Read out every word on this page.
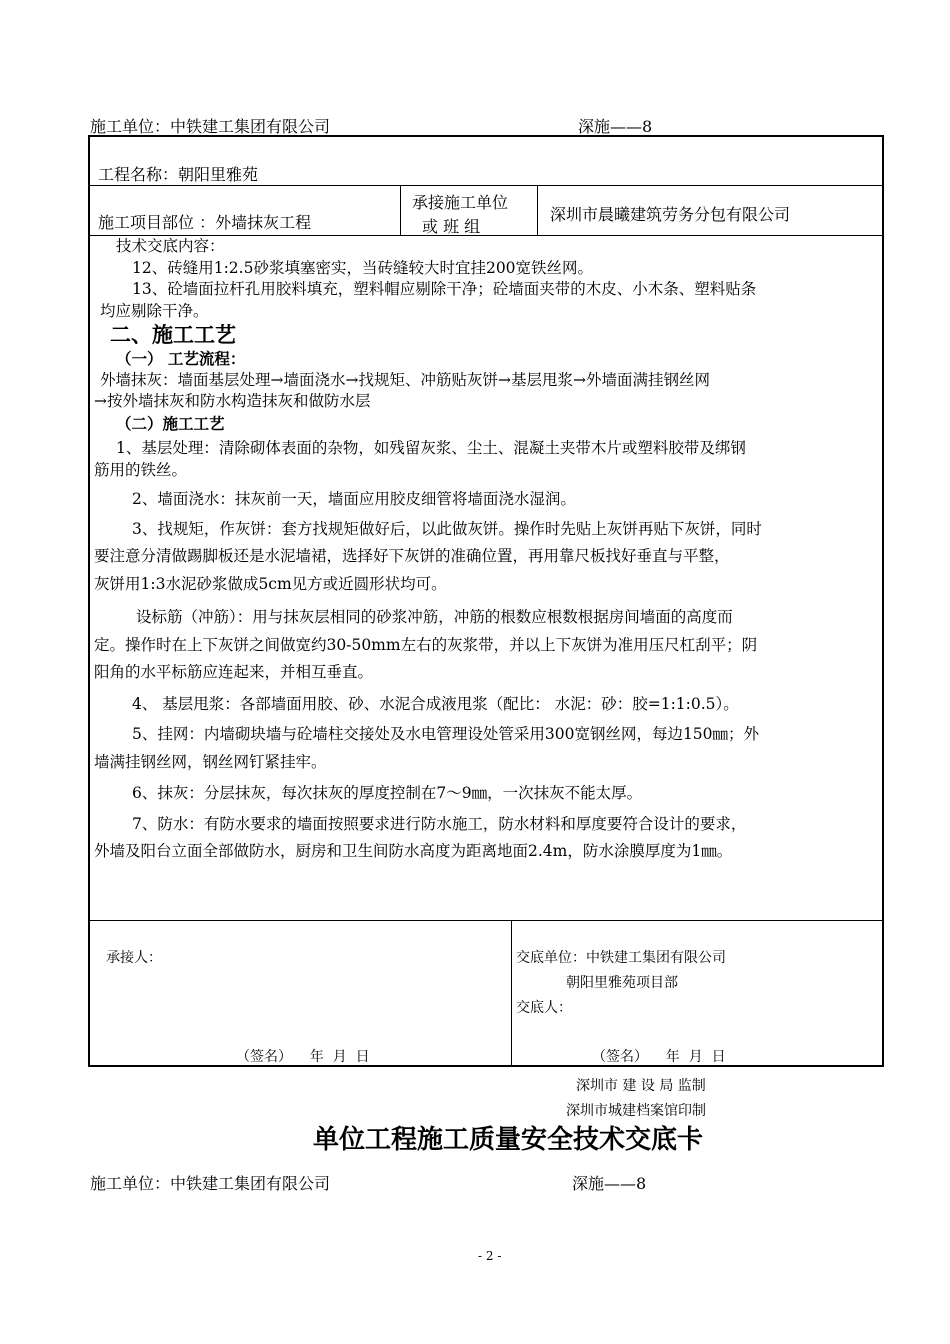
施工单位：中铁建工集团有限公司	深施——8
工程名称：朝阳里雅苑
施工项目部位 ：外墙抹灰工程
承接施工单位
或 班 组
深圳市晨曦建筑劳务分包有限公司

技术交底内容：

12、砖缝用1:2.5砂浆填塞密实，当砖缝较大时宜挂200宽铁丝网。

13、砼墙面拉杆孔用胶料填充，塑料帽应剔除干净；砼墙面夹带的木皮、小木条、塑料贴条

均应剔除干净。

二、施工工艺

（一） 工艺流程：

外墙抹灰：墙面基层处理→墙面浇水→找规矩、冲筋贴灰饼→基层甩浆→外墙面满挂钢丝网

→按外墙抹灰和防水构造抹灰和做防水层

（二）施工工艺

1、基层处理：清除砌体表面的杂物，如残留灰浆、尘土、混凝土夹带木片或塑料胶带及绑钢

筋用的铁丝。

2、墙面浇水：抹灰前一天，墙面应用胶皮细管将墙面浇水湿润。

3、找规矩，作灰饼：套方找规矩做好后，以此做灰饼。操作时先贴上灰饼再贴下灰饼，同时

要注意分清做踢脚板还是水泥墙裙，选择好下灰饼的准确位置，再用靠尺板找好垂直与平整，

灰饼用1:3水泥砂浆做成5cm见方或近圆形状均可。

设标筋（冲筋）：用与抹灰层相同的砂浆冲筋，冲筋的根数应根数根据房间墙面的高度而

定。操作时在上下灰饼之间做宽约30-50mm左右的灰浆带，并以上下灰饼为准用压尺杠刮平；阴

阳角的水平标筋应连起来，并相互垂直。

4、 基层甩浆：各部墙面用胶、砂、水泥合成液甩浆（配比： 水泥：砂：胶=1:1:0.5）。

5、挂网：内墙砌块墙与砼墙柱交接处及水电管理设处管采用300宽钢丝网，每边150㎜；外

墙满挂钢丝网，钢丝网钉紧挂牢。

6、抹灰：分层抹灰，每次抹灰的厚度控制在7～9㎜，一次抹灰不能太厚。

7、防水：有防水要求的墙面按照要求进行防水施工，防水材料和厚度要符合设计的要求，

外墙及阳台立面全部做防水，厨房和卫生间防水高度为距离地面2.4m，防水涂膜厚度为1㎜。

承接人：
（签名）    年  月  日
交底单位：中铁建工集团有限公司
朝阳里雅苑项目部
交底人：
（签名）    年  月  日
深圳市 建 设 局 监制
深圳市城建档案馆印制
单位工程施工质量安全技术交底卡
施工单位：中铁建工集团有限公司	深施——8
- 2 -
